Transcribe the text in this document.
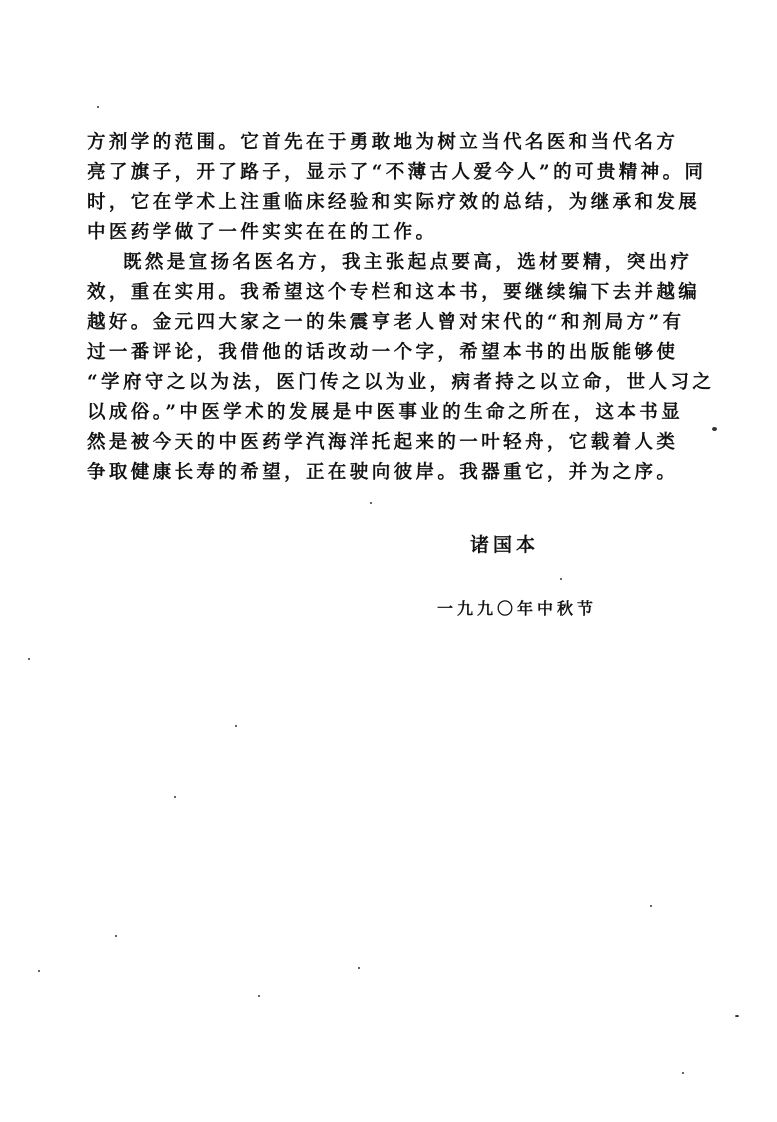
方剂学的范围。它首先在于勇敢地为树立当代名医和当代名方
亮了旗子，开了路子，显示了“不薄古人爱今人”的可贵精神。同
时，它在学术上注重临床经验和实际疗效的总结，为继承和发展
中医药学做了一件实实在在的工作。
既然是宣扬名医名方，我主张起点要高，选材要精，突出疗
效，重在实用。我希望这个专栏和这本书，要继续编下去并越编
越好。金元四大家之一的朱震亨老人曾对宋代的“和剂局方”有
过一番评论，我借他的话改动一个字，希望本书的出版能够使
“学府守之以为法，医门传之以为业，病者持之以立命，世人习之
以成俗。”中医学术的发展是中医事业的生命之所在，这本书显
然是被今天的中医药学汽海洋托起来的一叶轻舟，它载着人类
争取健康长寿的希望，正在驶向彼岸。我器重它，并为之序。
诸国本
一九九〇年中秋节
